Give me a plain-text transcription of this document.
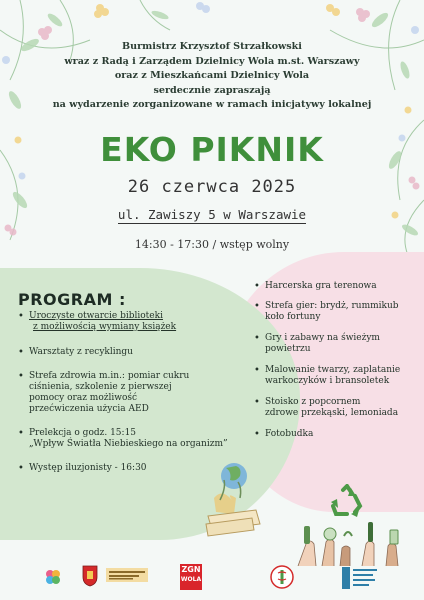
Burmistrz Krzysztof Strzałkowski
wraz z Radą i Zarządem Dzielnicy Wola m.st. Warszawy
oraz z Mieszkańcami Dzielnicy Wola
serdecznie zapraszają
na wydarzenie zorganizowane w ramach inicjatywy lokalnej
EKO PIKNIK
26 czerwca 2025
ul. Zawiszy 5 w Warszawie
14:30 - 17:30 / wstęp wolny
PROGRAM :
• Uroczyste otwarcie biblioteki
z możliwością wymiany książek
• Warsztaty z recyklingu
• Strefa zdrowia m.in.: pomiar cukru
ciśnienia, szkolenie z pierwszej
pomocy oraz możliwość
przećwiczenia użycia AED
• Prelekcja o godz. 15:15
„Wpływ Światła Niebieskiego na organizm”
• Występ iluzjonisty - 16:30
• Harcerska gra terenowa
• Strefa gier: brydż, rummikub
koło fortuny
• Gry i zabawy na świeżym
powietrzu
• Malowanie twarzy, zaplatanie
warkoczyków i bransoletek
• Stoisko z popcornem
zdrowe przekąski, lemoniada
• Fotobudka
ZGN
WOLA
